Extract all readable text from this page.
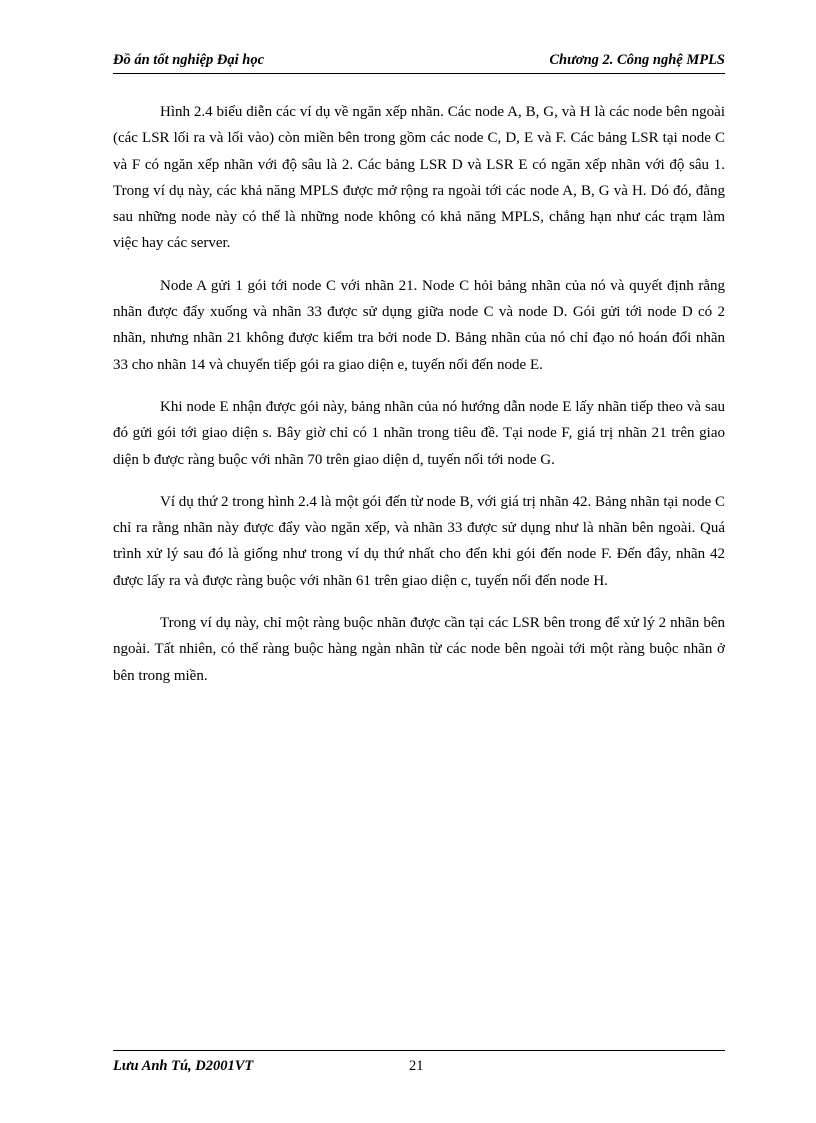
Đồ án tốt nghiệp Đại học	Chương 2. Công nghệ MPLS

Hình 2.4 biểu diễn các ví dụ về ngăn xếp nhãn. Các node A, B, G, và H là các node bên ngoài (các LSR lối ra và lối vào) còn miền bên trong gồm các node C, D, E và F. Các bảng LSR tại node C và F có ngăn xếp nhãn với độ sâu là 2. Các bảng LSR D và LSR E có ngăn xếp nhãn với độ sâu 1. Trong ví dụ này, các khả năng MPLS được mở rộng ra ngoài tới các node A, B, G và H. Dó đó, đằng sau những node này có thể là những node không có khả năng MPLS, chẳng hạn như các trạm làm việc hay các server.

Node A gửi 1 gói tới node C với nhãn 21. Node C hỏi bảng nhãn của nó và quyết định rằng nhãn được đẩy xuống và nhãn 33 được sử dụng giữa node C và node D. Gói gửi tới node D có 2 nhãn, nhưng nhãn 21 không được kiểm tra bởi node D. Bảng nhãn của nó chỉ đạo nó hoán đổi nhãn 33 cho nhãn 14 và chuyển tiếp gói ra giao diện e, tuyến nối đến node E.

Khi node E nhận được gói này, bảng nhãn của nó hướng dẫn node E lấy nhãn tiếp theo và sau đó gửi gói tới giao diện s. Bây giờ chỉ có 1 nhãn trong tiêu đề. Tại node F, giá trị nhãn 21 trên giao diện b được ràng buộc với nhãn 70 trên giao diện d, tuyến nối tới node G.

Ví dụ thứ 2 trong hình 2.4 là một gói đến từ node B, với giá trị nhãn 42. Bảng nhãn tại node C chỉ ra rằng nhãn này được đẩy vào ngăn xếp, và nhãn 33 được sử dụng như là nhãn bên ngoài. Quá trình xử lý sau đó là giống như trong ví dụ thứ nhất cho đến khi gói đến node F. Đến đây, nhãn 42 được lấy ra và được ràng buộc với nhãn 61 trên giao diện c, tuyến nối đến node H.

Trong ví dụ này, chỉ một ràng buộc nhãn được cần tại các LSR bên trong để xử lý 2 nhãn bên ngoài. Tất nhiên, có thể ràng buộc hàng ngàn nhãn từ các node bên ngoài tới một ràng buộc nhãn ở bên trong miền.

Lưu Anh Tú, D2001VT	21
